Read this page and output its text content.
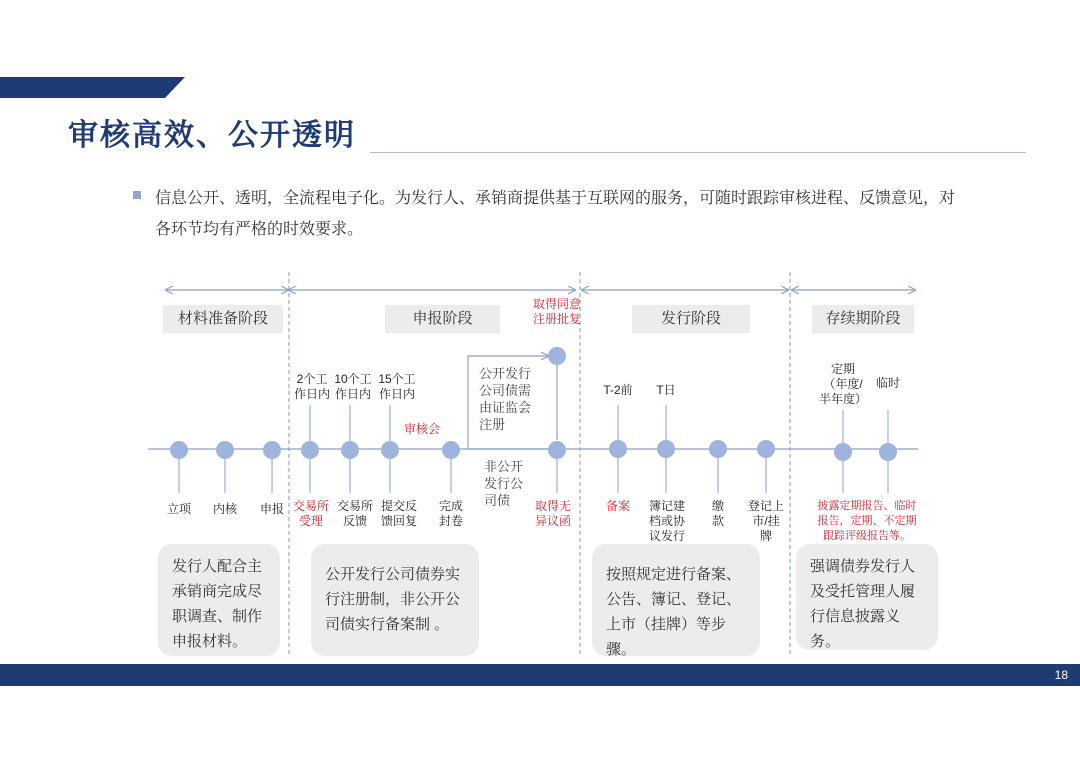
审核高效、公开透明
信息公开、透明，全流程电子化。为发行人、承销商提供基于互联网的服务，可随时跟踪审核进程、反馈意见，对各环节均有严格的时效要求。
材料准备阶段	申报阶段	发行阶段	存续期阶段
2个工
作日内
10个工
作日内
15个工
作日内
审核会
公开发行
公司债需
由证监会
注册
非公开
发行公
司债
取得同意
注册批复
T-2前	T日
定期
（年度/
半年度）
临时
立项	内核	申报 交易所
受理
交易所
反馈
提交反
馈回复
完成
封卷
取得无
异议函
备案	簿记建
档或协
议发行
缴
款
登记上
市/挂
牌
披露定期报告、临时
报告，定期、不定期
跟踪评级报告等。
发行人配合主承销商完成尽职调查、制作申报材料。
公开发行公司债券实行注册制，非公开公司债实行备案制 。
按照规定进行备案、公告、簿记、登记、上市（挂牌）等步骤。
强调债券发行人及受托管理人履行信息披露义务。
18
